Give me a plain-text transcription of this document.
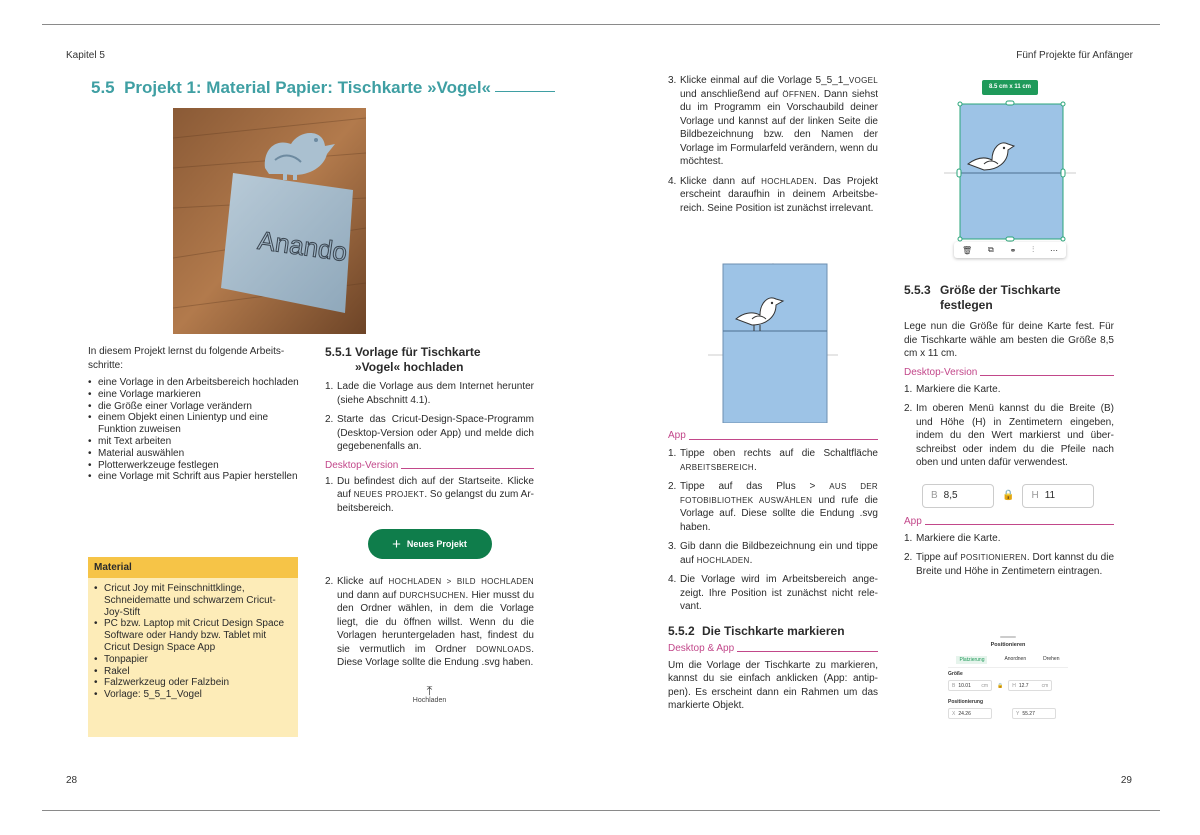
Kapitel 5	Fünf Projekte für Anfänger
5.5 Projekt 1: Material Papier: Tischkarte »Vogel«
Anando

In diesem Projekt lernst du folgende Arbeitsschritte:

• eine Vorlage in den Arbeitsbereich hochladen
• eine Vorlage markieren
• die Größe einer Vorlage verändern
• einem Objekt einen Linientyp und eine Funktion zuweisen
• mit Text arbeiten
• Material auswählen
• Plotterwerkzeuge festlegen
• eine Vorlage mit Schrift aus Papier herstellen
Material
• Cricut Joy mit Feinschnittklinge, Schneidematte und schwarzem Cricut-Joy-Stift
• PC bzw. Laptop mit Cricut Design Space Software oder Handy bzw. Tablet mit Cricut Design Space App
• Tonpapier
• Rakel
• Falzwerkzeug oder Falzbein
• Vorlage: 5_5_1_Vogel
5.5.1 Vorlage für Tischkarte »Vogel« hochladen
1. Lade die Vorlage aus dem Internet herunter (siehe Abschnitt 4.1).
2. Starte das Cricut-Design-Space-Programm (Desktop-Version oder App) und melde dich gegebenenfalls an.
Desktop-Version
1. Du befindest dich auf der Startseite. Klicke auf NEUES PROJEKT. So gelangst du zum Arbeitsbereich.
+ Neues Projekt
2. Klicke auf HOCHLADEN > BILD HOCHLADEN und dann auf DURCHSUCHEN. Hier musst du den Ordner wählen, in dem die Vorlage liegt, die du öffnen willst. Wenn du die Vorlagen heruntergeladen hast, findest du sie vermutlich im Ordner DOWNLOADS. Diese Vorlage sollte die Endung .svg haben.
⤒
Hochladen
3. Klicke einmal auf die Vorlage 5_5_1_VOGEL und anschließend auf ÖFFNEN. Dann siehst du im Programm ein Vorschaubild deiner Vorlage und kannst auf der linken Seite die Bildbezeichnung bzw. den Namen der Vorlage im Formularfeld verändern, wenn du möchtest.
4. Klicke dann auf HOCHLADEN. Das Projekt erscheint daraufhin in deinem Arbeitsbereich. Seine Position ist zunächst irrelevant.
App
1. Tippe oben rechts auf die Schaltfläche ARBEITSBEREICH.
2. Tippe auf das Plus > AUS DER FOTOBIBLIOTHEK AUSWÄHLEN und rufe die Vorlage auf. Diese sollte die Endung .svg haben.
3. Gib dann die Bildbezeichnung ein und tippe auf HOCHLADEN.
4. Die Vorlage wird im Arbeitsbereich angezeigt. Ihre Position ist zunächst nicht relevant.
5.5.2 Die Tischkarte markieren
Desktop & App

Um die Vorlage der Tischkarte zu markieren, kannst du sie einfach anklicken (App: antippen). Es erscheint dann ein Rahmen um das markierte Objekt.

8.5 cm x 11 cm
🗑 ⧉ ⚭ ⫶ ⋯
5.5.3 Größe der Tischkarte festlegen

Lege nun die Größe für deine Karte fest. Für die Tischkarte wähle am besten die Größe 8,5 cm x 11 cm.

Desktop-Version
1. Markiere die Karte.
2. Im oberen Menü kannst du die Breite (B) und Höhe (H) in Zentimetern eingeben, indem du den Wert markierst und überschreibst oder indem du die Pfeile nach oben und unten dafür verwendest.
B 8,5	🔒 H 11
App
1. Markiere die Karte.
2. Tippe auf POSITIONIEREN. Dort kannst du die Breite und Höhe in Zentimetern eintragen.
Positionieren
Platzierung	Anordnen	Drehen
Größe
B 10.01 cm 🔒 H 12.7	cm
Positionierung
X 24.26	Y 55.27
28	29
